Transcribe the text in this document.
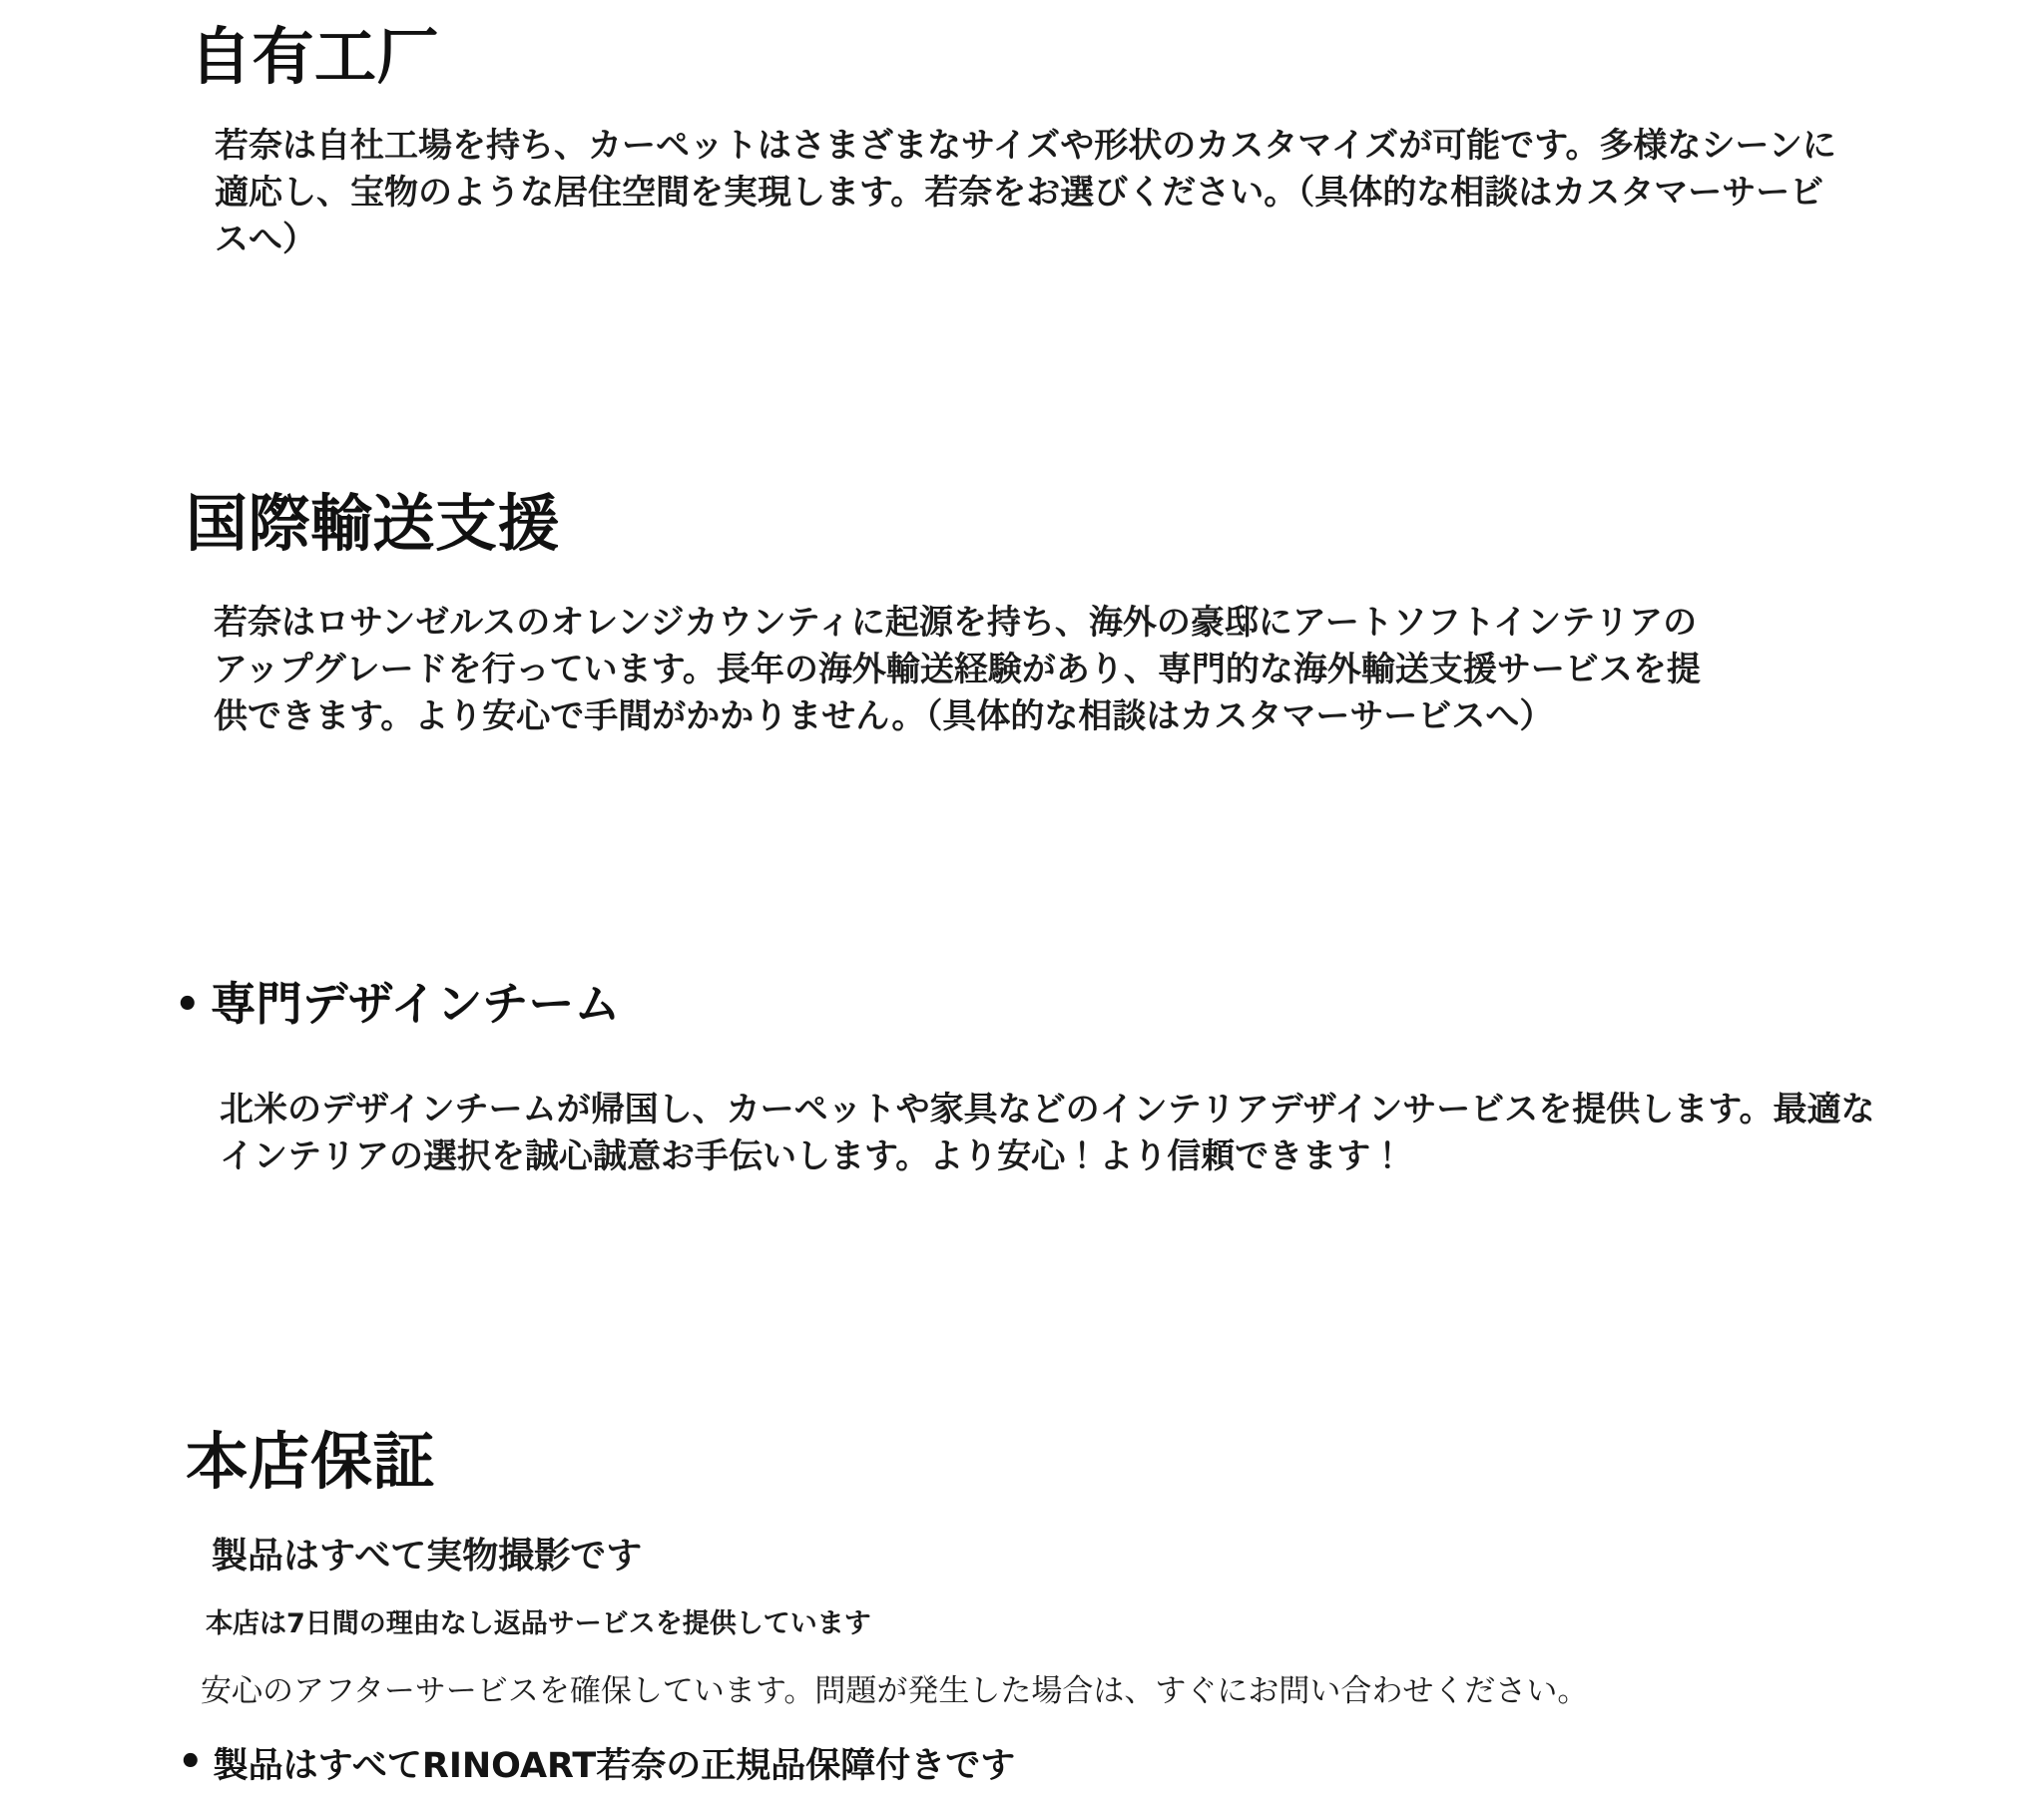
自有工厂

若奈は自社工場を持ち、カーペットはさまざまなサイズや形状のカスタマイズが可能です。多様なシーンに適応し、宝物のような居住空間を実現します。若奈をお選びください。（具体的な相談はカスタマーサービスへ）

国際輸送支援

若奈はロサンゼルスのオレンジカウンティに起源を持ち、海外の豪邸にアートソフトインテリアのアップグレードを行っています。長年の海外輸送経験があり、専門的な海外輸送支援サービスを提供できます。より安心で手間がかかりません。（具体的な相談はカスタマーサービスへ）

• 専門デザインチーム

北米のデザインチームが帰国し、カーペットや家具などのインテリアデザインサービスを提供します。最適なインテリアの選択を誠心誠意お手伝いします。より安心！より信頼できます！

本店保証

製品はすべて実物撮影です

本店は7日間の理由なし返品サービスを提供しています

安心のアフターサービスを確保しています。問題が発生した場合は、すぐにお問い合わせください。

• 製品はすべてRINOART若奈の正規品保障付きです
